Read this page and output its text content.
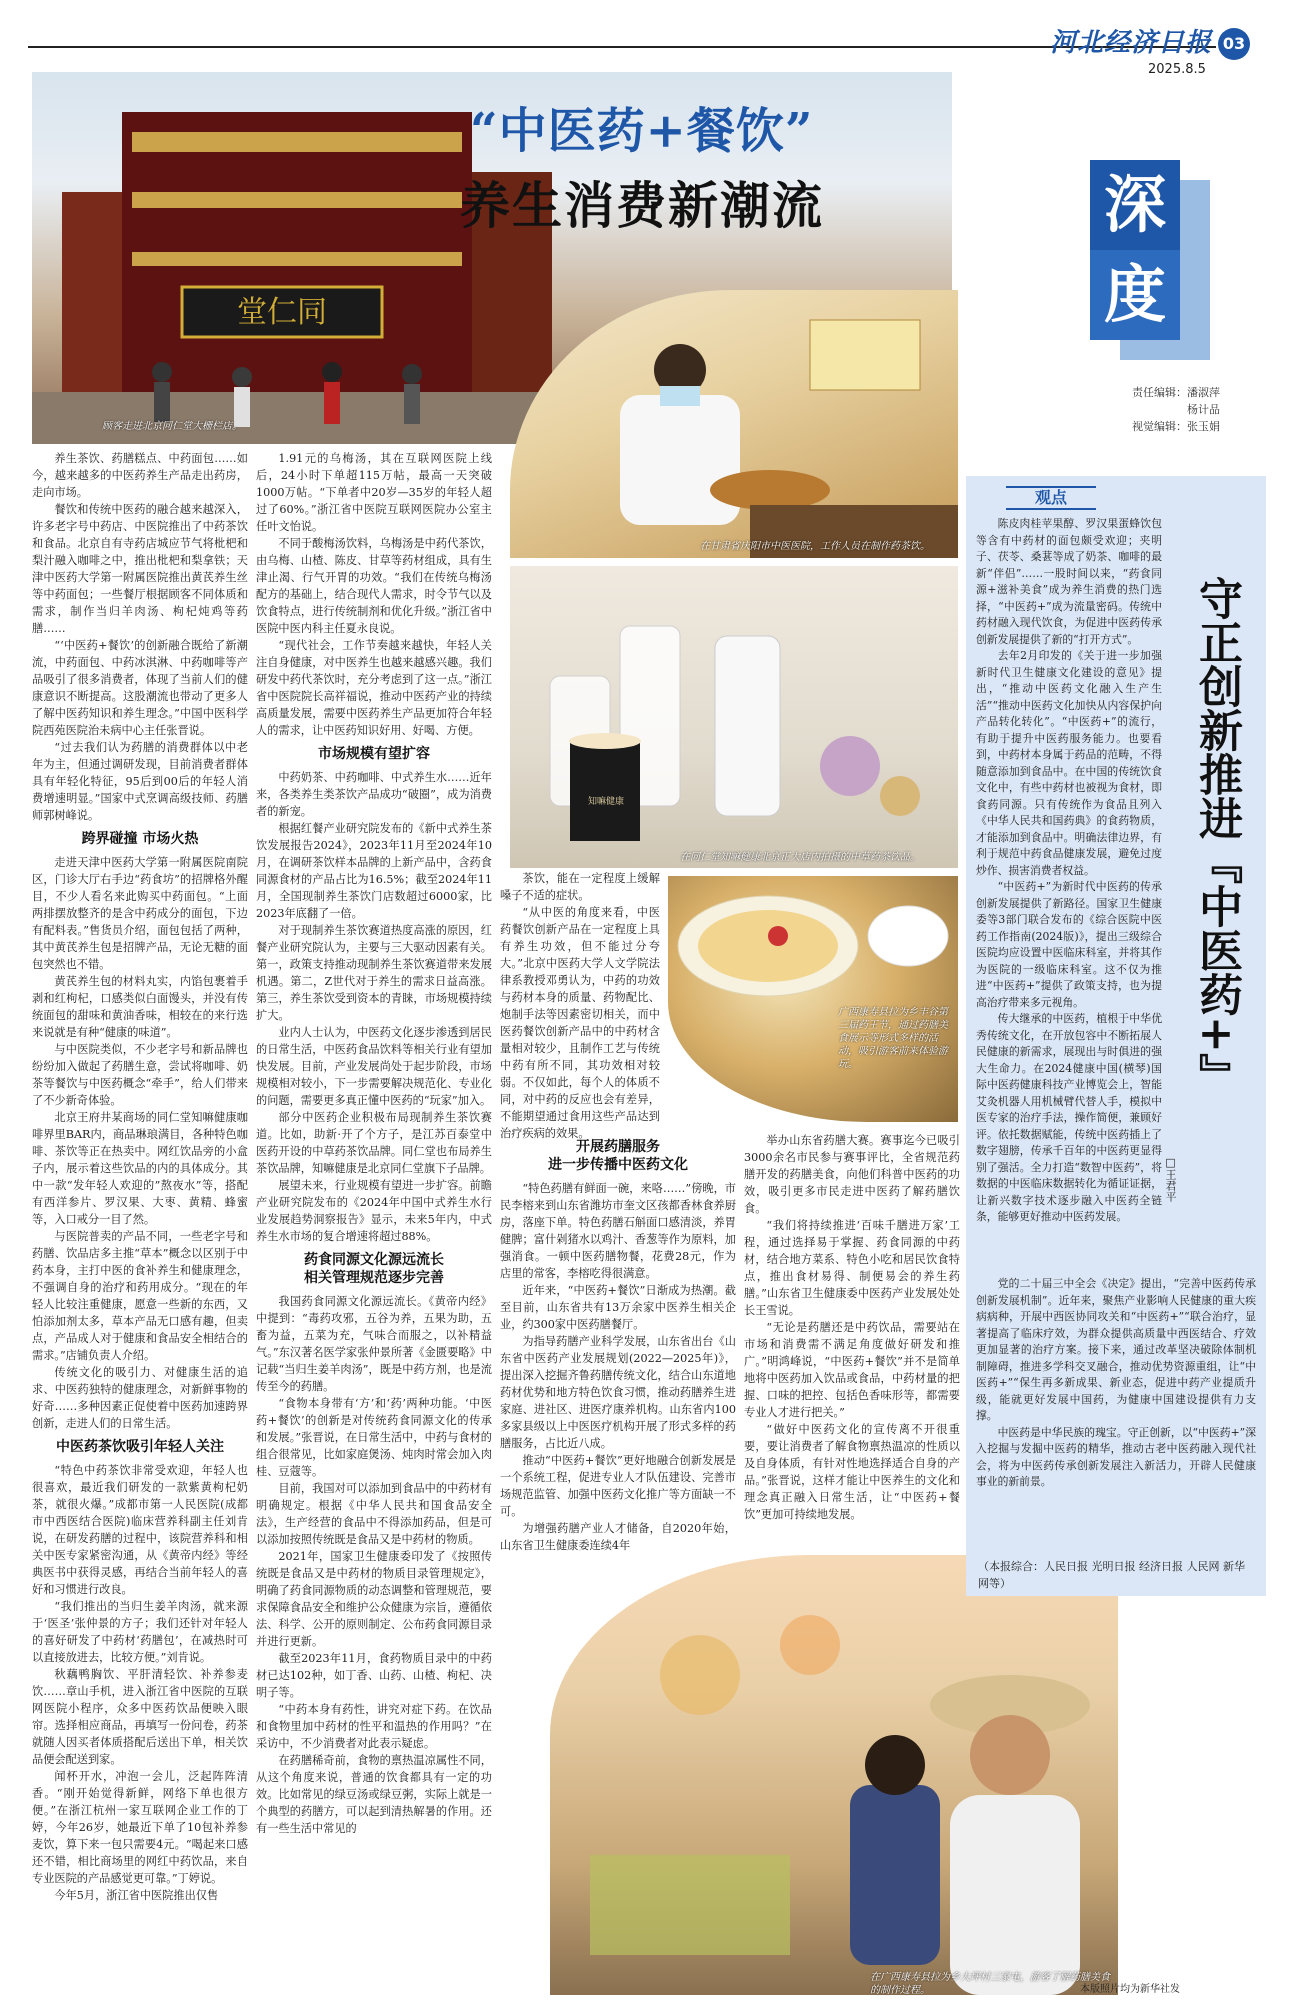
河北经济日报 03
2025.8.5
深
度
责任编辑：潘淑萍
杨计品
视觉编辑：张玉娟
堂仁同
顾客走进北京同仁堂大栅栏店。
“中医药+餐饮”
养生消费新潮流
在甘肃省庆阳市中医医院，工作人员在制作药茶饮。
知嘛健康
在同仁堂知嘛健康北京正大店内拍摄的中草药茶饮品。
广西康寿县拉为乡丰谷第三届药王节，通过药膳美食展示等形式多样的活动，吸引游客前来体验游玩。
在广西康寿县拉为乡大坪村三家屯，游客了解药膳美食的制作过程。	本版照片均为新华社发

养生茶饮、药膳糕点、中药面包……如今，越来越多的中医药养生产品走出药房，走向市场。

餐饮和传统中医药的融合越来越深入，许多老字号中药店、中医院推出了中药茶饮和食品。北京自有寺药店城应节气将枇杷和梨汁融入咖啡之中，推出枇杷和梨拿铁；天津中医药大学第一附属医院推出黄芪养生丝等中药面包；一些餐厅根据顾客不同体质和需求，制作当归羊肉汤、枸杞炖鸡等药膳……

“‘中医药+餐饮’的创新融合既给了新潮流，中药面包、中药冰淇淋、中药咖啡等产品吸引了很多消费者，体现了当前人们的健康意识不断提高。这股潮流也带动了更多人了解中医药知识和养生理念。”中国中医科学院西苑医院治未病中心主任张晋说。

“过去我们认为药膳的消费群体以中老年为主，但通过调研发现，目前消费者群体具有年轻化特征，95后到00后的年轻人消费增速明显。”国家中式烹调高级技师、药膳师郭树峰说。

跨界碰撞 市场火热

走进天津中医药大学第一附属医院南院区，门诊大厅右手边“药食坊”的招牌格外醒目，不少人看名来此购买中药面包。“上面两排摆放整齐的是含中药成分的面包，下边有配料表。”售货员介绍，面包包括了两种，其中黄芪养生包是招牌产品，无论无糖的面包突然也不错。

黄芪养生包的材料丸实，内馅包裹着手剥和红枸杞，口感类似白面馒头，并没有传统面包的甜味和黄油香味，相较在的来行选来说就是有种“健康的味道”。

与中医院类似，不少老字号和新品牌也纷纷加入做起了药膳生意，尝试将咖啡、奶茶等餐饮与中医药概念“牵手”，给人们带来了不少新奇体验。

北京王府井某商场的同仁堂知嘛健康咖啡界里BAR内，商品琳琅满目，各种特色咖啡、茶饮等正在热卖中。网红饮品旁的小盒子内，展示着这些饮品的内的具体成分。其中一款“发年轻人欢迎的”熬夜水”等，搭配有西洋参片、罗汉果、大枣、黄精、蜂蜜等，入口戒分一目了然。

与医院普卖的产品不同，一些老字号和药膳、饮品店多主推“草本”概念以区别于中药本身，主打中医的食补养生和健康理念，不强调自身的治疗和药用成分。“现在的年轻人比较注重健康，愿意一些新的东西，又怕添加剂太多，草本产品无口感有趣，但卖点，产品成人对于健康和食品安全相结合的需求。”店铺负责人介绍。

传统文化的吸引力、对健康生活的追求、中医药独特的健康理念，对新鲜事物的好奇……多种因素正促使着中医药加速跨界创新，走进人们的日常生活。

中医药茶饮吸引年轻人关注

“特色中药茶饮非常受欢迎，年轻人也很喜欢，最近我们研发的一款紫黄枸杞奶茶，就很火爆。”成都市第一人民医院(成都市中西医结合医院)临床营养科副主任刘肯说，在研发药膳的过程中，该院营养科和相关中医专家紧密沟通，从《黄帝内经》等经典医书中获得灵感，再结合当前年轻人的喜好和习惯进行改良。

“我们推出的当归生姜羊肉汤，就来源于‘医圣’张仲景的方子；我们还针对年轻人的喜好研发了中药材‘药膳包’，在减热时可以直接放进去，比较方便。”刘肯说。

秋藕鸭胸饮、平肝清轻饮、补养参麦饮……章山手机，进入浙江省中医院的互联网医院小程序，众多中医药饮品便映入眼帘。选择相应商品，再填写一份问卷，药茶就随人因买者体质搭配后送出下单，相关饮品便会配送到家。

闻杯开水，冲泡一会儿，泛起阵阵清香。“刚开始觉得新鲜，网络下单也很方便。”在浙江杭州一家互联网企业工作的丁婷，今年26岁，她最近下单了10包补养参麦饮，算下来一包只需要4元。“喝起来口感还不错，相比商场里的网红中药饮品，来自专业医院的产品感觉更可靠。”丁婷说。

今年5月，浙江省中医院推出仅售

1.91元的乌梅汤，其在互联网医院上线后，24小时下单超115万帖，最高一天突破1000万帖。“下单者中20岁—35岁的年轻人超过了60%。”浙江省中医院互联网医院办公室主任叶文怡说。

不同于酸梅汤饮料，乌梅汤是中药代茶饮，由乌梅、山楂、陈皮、甘草等药材组成，具有生津止渴、行气开胃的功效。“我们在传统乌梅汤配方的基础上，结合现代人需求，时令节气以及饮食特点，进行传统制剂和优化升级。”浙江省中医院中医内科主任夏永良说。

“现代社会，工作节奏越来越快，年轻人关注自身健康，对中医养生也越来越感兴趣。我们研发中药代茶饮时，充分考虑到了这一点。”浙江省中医院院长高祥福说，推动中医药产业的持续高质量发展，需要中医药养生产品更加符合年轻人的需求，让中医药知识好用、好喝、方便。

市场规模有望扩容

中药奶茶、中药咖啡、中式养生水……近年来，各类养生类茶饮产品成功“破圈”，成为消费者的新宠。

根据红餐产业研究院发布的《新中式养生茶饮发展报告2024》，2023年11月至2024年10月，在调研茶饮样本品牌的上新产品中，含药食同源食材的产品占比为16.5%；截至2024年11月，全国现制养生茶饮门店数超过6000家，比2023年底翻了一倍。

对于现制养生茶饮赛道热度高涨的原因，红餐产业研究院认为，主要与三大驱动因素有关。第一，政策支持推动现制养生茶饮赛道带来发展机遇。第二，Z世代对于养生的需求日益高涨。第三，养生茶饮受到资本的青睐，市场规模持续扩大。

业内人士认为，中医药文化逐步渗透到居民的日常生活，中医药食品饮料等相关行业有望加快发展。目前，产业发展尚处于起步阶段，市场规模相对较小，下一步需要解决规范化、专业化的问题，需要更多真正懂中医药的“玩家”加入。

部分中医药企业积极布局现制养生茶饮赛道。比如，助新·开了个方子，是江苏百泰堂中医药开设的中草药茶饮品牌。同仁堂也布局养生茶饮品牌，知嘛健康是北京同仁堂旗下子品牌。

展望未来，行业规模有望进一步扩容。前瞻产业研究院发布的《2024年中国中式养生水行业发展趋势洞察报告》显示，未来5年内，中式养生水市场的复合增速将超过88%。

药食同源文化源远流长
相关管理规范逐步完善

我国药食同源文化源远流长。《黄帝内经》中提到：“毒药攻邪，五谷为养，五果为助，五畜为益，五菜为充，气味合而服之，以补精益气。”东汉著名医学家张仲景所著《金匮要略》中记载“当归生姜羊肉汤”，既是中药方剂，也是流传至今的药膳。

“食物本身带有‘方’和‘药’两种功能。‘中医药+餐饮’的创新是对传统药食同源文化的传承和发展。”张晋说，在日常生活中，中药与食材的组合很常见，比如家庭煲汤、炖肉时常会加入肉桂、豆蔻等。

目前，我国对可以添加到食品中的中药材有明确规定。根据《中华人民共和国食品安全法》，生产经营的食品中不得添加药品，但是可以添加按照传统既是食品又是中药材的物质。

2021年，国家卫生健康委印发了《按照传统既是食品又是中药材的物质目录管理规定》，明确了药食同源物质的动态调整和管理规范，要求保障食品安全和维护公众健康为宗旨，遵循依法、科学、公开的原则制定、公布药食同源目录并进行更新。

截至2023年11月，食药物质目录中的中药材已达102种，如丁香、山药、山楂、枸杞、决明子等。

“中药本身有药性，讲究对症下药。在饮品和食物里加中药材的性平和温热的作用吗？”在采访中，不少消费者对此表示疑虑。

在药膳稀奇前，食物的禀热温凉属性不同，从这个角度来说，普通的饮食都具有一定的功效。比如常见的绿豆汤或绿豆粥，实际上就是一个典型的药膳方，可以起到清热解暑的作用。还有一些生活中常见的

茶饮，能在一定程度上缓解嗓子不适的症状。

“从中医的角度来看，中医药餐饮创新产品在一定程度上具有养生功效，但不能过分夸大。”北京中医药大学人文学院法律系教授邓勇认为，中药的功效与药材本身的质量、药物配比、炮制手法等因素密切相关，而中医药餐饮创新产品中的中药材含量相对较少，且制作工艺与传统中药有所不同，其功效相对较弱。不仅如此，每个人的体质不同，对中药的反应也会有差异，不能期望通过食用这些产品达到治疗疾病的效果。

开展药膳服务
进一步传播中医药文化

“特色药膳有鲜面一碗，来咯……”傍晚，市民李榕来到山东省潍坊市奎文区孩都香林食养厨房，落座下单。特色药膳石斛面口感清淡，养胃健脾；富什剁猪水以鸡汁、香葱等作为原料，加强消食。一顿中医药膳物餐，花费28元，作为店里的常客，李榕吃得很满意。

近年来，“中医药+餐饮”日渐成为热潮。截至目前，山东省共有13万余家中医养生相关企业，约300家中医药膳餐厅。

为指导药膳产业科学发展，山东省出台《山东省中医药产业发展规划(2022—2025年)》，提出深入挖掘齐鲁药膳传统文化，结合山东道地药材优势和地方特色饮食习惯，推动药膳养生进家庭、进社区、进医疗康养机构。山东省内100多家县级以上中医医疗机构开展了形式多样的药膳服务，占比近八成。

推动“中医药+餐饮”更好地融合创新发展是一个系统工程，促进专业人才队伍建设、完善市场规范监管、加强中医药文化推广等方面缺一不可。

为增强药膳产业人才储备，自2020年始，山东省卫生健康委连续4年

举办山东省药膳大赛。赛事迄今已吸引3000余名市民参与赛事评比，全省规范药膳开发的药膳美食，向他们科普中医药的功效，吸引更多市民走进中医药了解药膳饮食。

“我们将持续推进‘百味千膳进万家’工程，通过选择易于掌握、药食同源的中药材，结合地方菜系、特色小吃和居民饮食特点，推出食材易得、制便易会的养生药膳。”山东省卫生健康委中医药产业发展处处长王雪说。

“无论是药膳还是中药饮品，需要站在市场和消费需不满足角度做好研发和推广。”明鸿峰说，“中医药+餐饮”并不是简单地将中医药加入饮品或食品，中药材量的把握、口味的把控、包括色香味形等，都需要专业人才进行把关。”

“做好中医药文化的宣传离不开很重要，要让消费者了解食物禀热温凉的性质以及自身体质，有针对性地选择适合自身的产品。”张晋说，这样才能让中医养生的文化和理念真正融入日常生活，让“中医药+餐饮”更加可持续地发展。

观点
守正创新推进『中医药+』
□王君平

陈皮肉桂苹果醇、罗汉果蛋蜂饮包等含有中药材的面包颇受欢迎；夹明子、茯苓、桑葚等成了奶茶、咖啡的最新“伴侣”……一股时间以来，“药食同源+滋补美食”成为养生消费的热门选择，“中医药+”成为流量密码。传统中药材融入现代饮食，为促进中医药传承创新发展提供了新的“打开方式”。

去年2月印发的《关于进一步加强新时代卫生健康文化建设的意见》提出，“推动中医药文化融入生产生活”“推动中医药文化加快从内容保护向产品转化转化”。“中医药+”的流行，有助于提升中医药服务能力。也要看到，中药材本身属于药品的范畴，不得随意添加到食品中。在中国的传统饮食文化中，有些中药材也被视为食材，即食药同源。只有传统作为食品且列入《中华人民共和国药典》的食药物质，才能添加到食品中。明确法律边界，有利于规范中药食品健康发展，避免过度炒作、损害消费者权益。

“中医药+”为新时代中医药的传承创新发展提供了新路径。国家卫生健康委等3部门联合发布的《综合医院中医药工作指南(2024版)》，提出三级综合医院均应设置中医临床科室，并将其作为医院的一级临床科室。这不仅为推进“中医药+”提供了政策支持，也为提高治疗带来多元视角。

传大继承的中医药，植根于中华优秀传统文化，在开放包容中不断拓展人民健康的新需求，展现出与时俱进的强大生命力。在2024健康中国(横琴)国际中医药健康科技产业博览会上，智能艾灸机器人用机械臂代替人手，模拟中医专家的治疗手法，操作简便，兼顾好评。依托数据赋能，传统中医药插上了数字翅膀，传承千百年的中医药更显得别了强活。全力打造“数智中医药”，将数据的中医临床数据转化为循证证据，让新兴数字技术逐步融入中医药全链条，能够更好推动中医药发展。

党的二十届三中全会《决定》提出，“完善中医药传承创新发展机制”。近年来，聚焦产业影响人民健康的重大疾病病种，开展中西医协同攻关和“中医药+”“联合治疗，显著提高了临床疗效，为群众提供高质量中西医结合、疗效更加显著的治疗方案。接下来，通过改革坚决破除体制机制障碍，推进多学科交叉融合，推动优势资源重组，让“中医药+”“保生再多新成果、新业态，促进中药产业提质升级，能就更好发展中国药，为健康中国建设提供有力支撑。

中医药是中华民族的瑰宝。守正创新，以“中医药+”深入挖掘与发掘中医药的精华，推动古老中医药融入现代社会，将为中医药传承创新发展注入新活力，开辟人民健康事业的新前景。

（本报综合：人民日报 光明日报 经济日报 人民网 新华网等）
